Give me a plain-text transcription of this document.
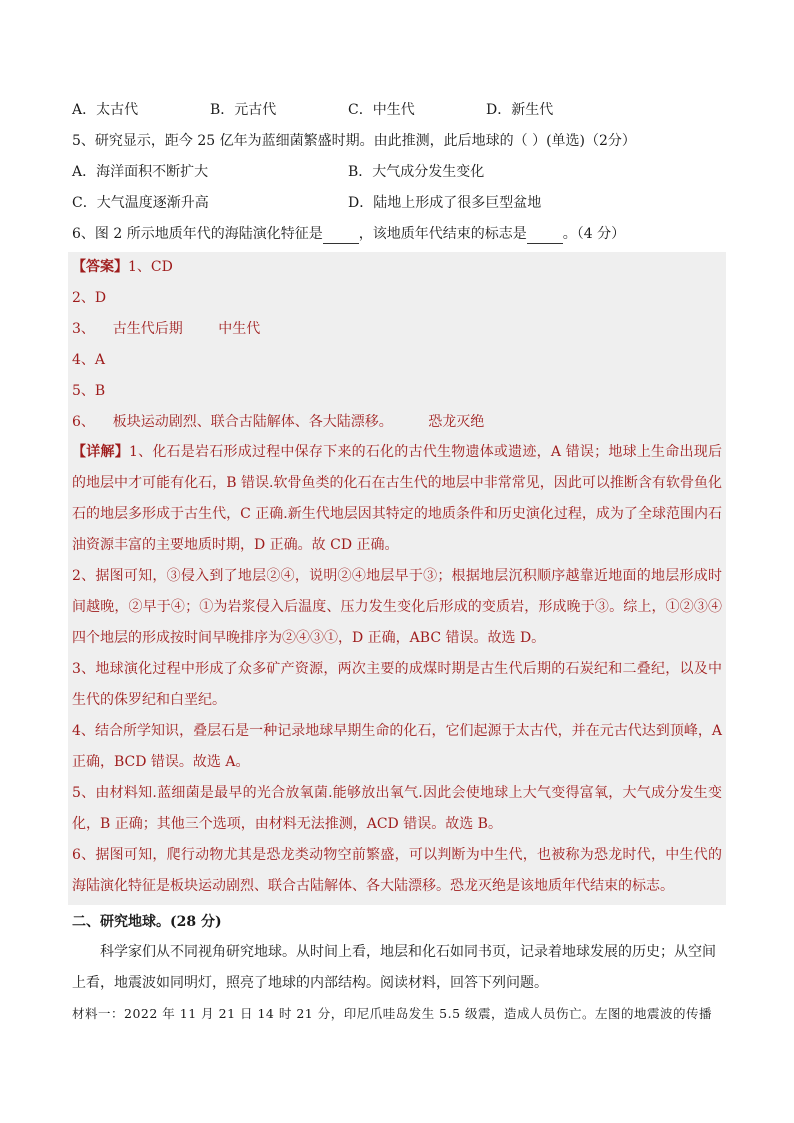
A．太古代	B．元古代	C．中生代	D．新生代
5、研究显示，距今 25 亿年为蓝细菌繁盛时期。由此推测，此后地球的（ ）(单选)（2分）
A．海洋面积不断扩大	B．大气成分发生变化
C．大气温度逐渐升高	D．陆地上形成了很多巨型盆地
6、图 2 所示地质年代的海陆演化特征是	，该地质年代结束的标志是	。（4 分）
【答案】1、CD
2、D
3、    古生代后期        中生代
4、A
5、B
6、    板块运动剧烈、联合古陆解体、各大陆漂移。        恐龙灭绝
【详解】1、化石是岩石形成过程中保存下来的石化的古代生物遗体或遗迹，A 错误；地球上生命出现后的地层中才可能有化石，B 错误.软骨鱼类的化石在古生代的地层中非常常见，因此可以推断含有软骨鱼化石的地层多形成于古生代，C 正确.新生代地层因其特定的地质条件和历史演化过程，成为了全球范围内石油资源丰富的主要地质时期，D 正确。故 CD 正确。
2、据图可知，③侵入到了地层②④，说明②④地层早于③；根据地层沉积顺序越靠近地面的地层形成时间越晚，②早于④；①为岩浆侵入后温度、压力发生变化后形成的变质岩，形成晚于③。综上，①②③④四个地层的形成按时间早晚排序为②④③①，D 正确，ABC 错误。故选 D。
3、地球演化过程中形成了众多矿产资源，两次主要的成煤时期是古生代后期的石炭纪和二叠纪，以及中生代的侏罗纪和白垩纪。
4、结合所学知识，叠层石是一种记录地球早期生命的化石，它们起源于太古代，并在元古代达到顶峰，A 正确，BCD 错误。故选 A。
5、由材料知.蓝细菌是最早的光合放氧菌.能够放出氧气.因此会使地球上大气变得富氧，大气成分发生变化，B 正确；其他三个选项，由材料无法推测，ACD 错误。故选 B。
6、据图可知，爬行动物尤其是恐龙类动物空前繁盛，可以判断为中生代，也被称为恐龙时代，中生代的海陆演化特征是板块运动剧烈、联合古陆解体、各大陆漂移。恐龙灭绝是该地质年代结束的标志。
二、研究地球。(28 分)
科学家们从不同视角研究地球。从时间上看，地层和化石如同书页，记录着地球发展的历史；从空间上看，地震波如同明灯，照亮了地球的内部结构。阅读材料，回答下列问题。
材料一：2022 年 11 月 21 日 14 时 21 分，印尼爪哇岛发生 5.5 级震，造成人员伤亡。左图的地震波的传播
